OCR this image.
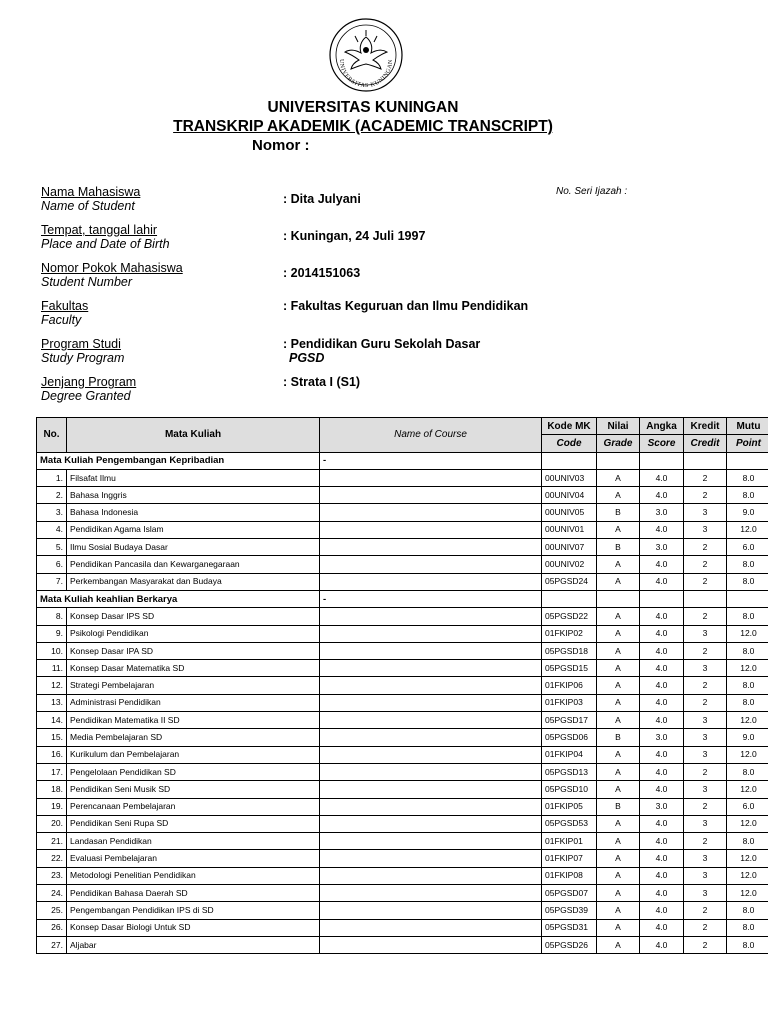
UNIVERSITAS KUNINGAN
UNIVERSITAS KUNINGAN
TRANSKRIP AKADEMIK (ACADEMIC TRANSCRIPT)
Nomor :
No. Seri Ijazah :
Nama Mahasiswa
Name of Student	: Dita Julyani
Tempat, tanggal lahir
Place and Date of Birth
: Kuningan, 24 Juli 1997
Nomor Pokok Mahasiswa
Student Number
: 2014151063
Fakultas
Faculty
: Fakultas Keguruan dan Ilmu Pendidikan
Program Studi
Study Program
: Pendidikan Guru Sekolah Dasar
PGSD
Jenjang Program
Degree Granted
: Strata I (S1)
No.	Mata Kuliah	Name of Course	Kode MK	Nilai	Angka	Kredit	Mutu
			Code	Grade	Score	Credit	Point
Mata Kuliah Pengembangan Kepribadian		-					
1.	Filsafat Ilmu		00UNIV03	A	4.0	2	8.0
2.	Bahasa Inggris		00UNIV04	A	4.0	2	8.0
3.	Bahasa Indonesia		00UNIV05	B	3.0	3	9.0
4.	Pendidikan Agama Islam		00UNIV01	A	4.0	3	12.0
5.	Ilmu Sosial Budaya Dasar		00UNIV07	B	3.0	2	6.0
6.	Pendidikan Pancasila dan Kewarganegaraan		00UNIV02	A	4.0	2	8.0
7.	Perkembangan Masyarakat dan Budaya		05PGSD24	A	4.0	2	8.0
Mata Kuliah keahlian Berkarya		-					
8.	Konsep Dasar IPS SD		05PGSD22	A	4.0	2	8.0
9.	Psikologi Pendidikan		01FKIP02	A	4.0	3	12.0
10.	Konsep Dasar IPA SD		05PGSD18	A	4.0	2	8.0
11.	Konsep Dasar Matematika SD		05PGSD15	A	4.0	3	12.0
12.	Strategi Pembelajaran		01FKIP06	A	4.0	2	8.0
13.	Administrasi Pendidikan		01FKIP03	A	4.0	2	8.0
14.	Pendidikan Matematika II SD		05PGSD17	A	4.0	3	12.0
15.	Media Pembelajaran SD		05PGSD06	B	3.0	3	9.0
16.	Kurikulum dan Pembelajaran		01FKIP04	A	4.0	3	12.0
17.	Pengelolaan Pendidikan SD		05PGSD13	A	4.0	2	8.0
18.	Pendidikan Seni Musik SD		05PGSD10	A	4.0	3	12.0
19.	Perencanaan Pembelajaran		01FKIP05	B	3.0	2	6.0
20.	Pendidikan Seni Rupa SD		05PGSD53	A	4.0	3	12.0
21.	Landasan Pendidikan		01FKIP01	A	4.0	2	8.0
22.	Evaluasi Pembelajaran		01FKIP07	A	4.0	3	12.0
23.	Metodologi Penelitian Pendidikan		01FKIP08	A	4.0	3	12.0
24.	Pendidikan Bahasa Daerah SD		05PGSD07	A	4.0	3	12.0
25.	Pengembangan Pendidikan IPS di SD		05PGSD39	A	4.0	2	8.0
26.	Konsep Dasar Biologi Untuk SD		05PGSD31	A	4.0	2	8.0
27.	Aljabar		05PGSD26	A	4.0	2	8.0
